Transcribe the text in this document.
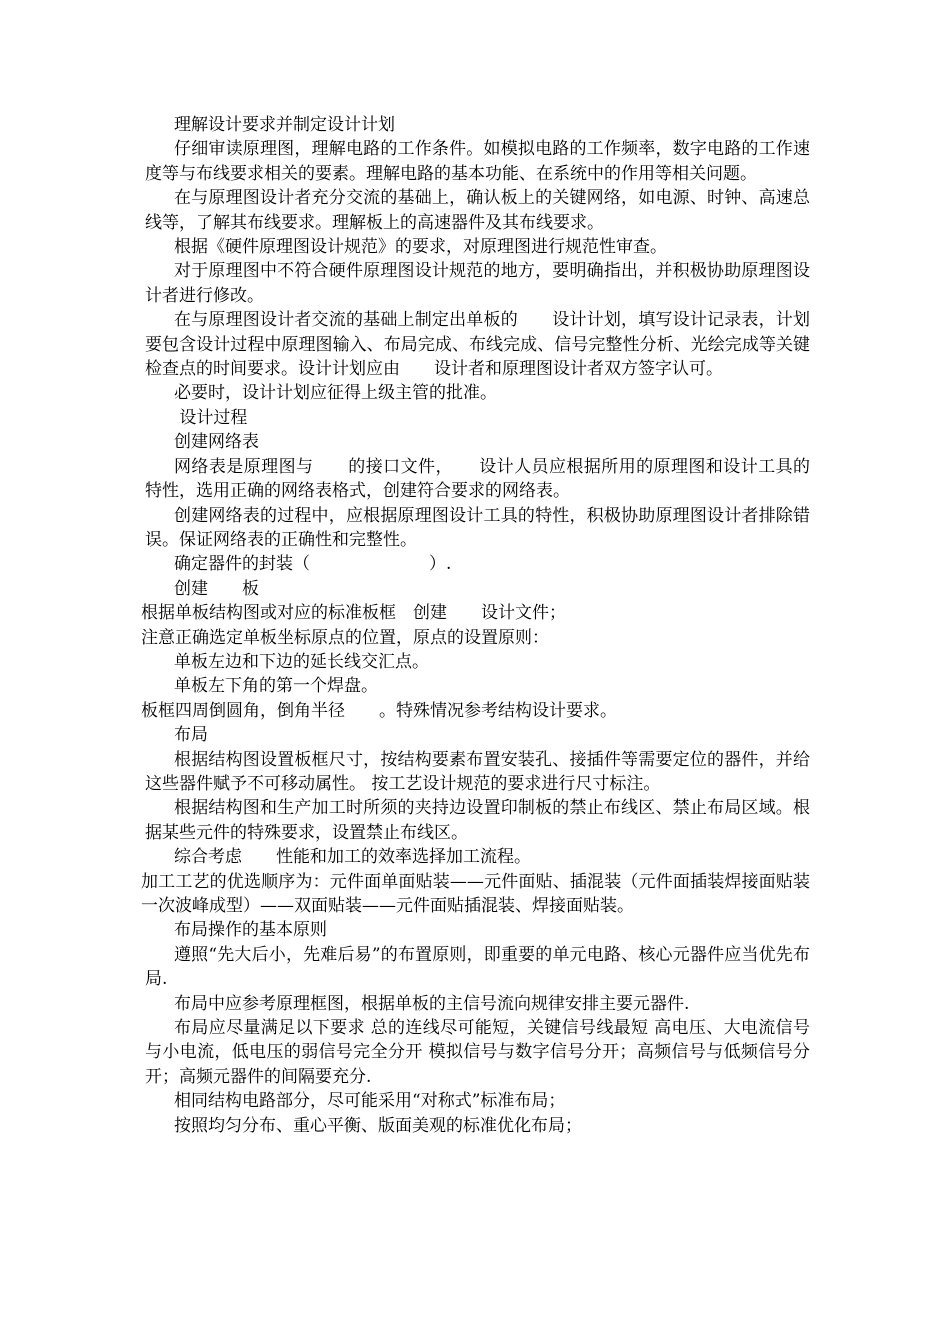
理解设计要求并制定设计计划

仔细审读原理图，理解电路的工作条件。如模拟电路的工作频率，数字电路的工作速度等与布线要求相关的要素。理解电路的基本功能、在系统中的作用等相关问题。

在与原理图设计者充分交流的基础上，确认板上的关键网络，如电源、时钟、高速总线等，了解其布线要求。理解板上的高速器件及其布线要求。

根据《硬件原理图设计规范》的要求，对原理图进行规范性审查。

对于原理图中不符合硬件原理图设计规范的地方，要明确指出，并积极协助原理图设计者进行修改。

在与原理图设计者交流的基础上制定出单板的　　设计计划，填写设计记录表，计划要包含设计过程中原理图输入、布局完成、布线完成、信号完整性分析、光绘完成等关键检查点的时间要求。设计计划应由　　设计者和原理图设计者双方签字认可。

必要时，设计计划应征得上级主管的批准。

设计过程

创建网络表

网络表是原理图与　　的接口文件，　　设计人员应根据所用的原理图和设计工具的特性，选用正确的网络表格式，创建符合要求的网络表。

创建网络表的过程中，应根据原理图设计工具的特性，积极协助原理图设计者排除错误。保证网络表的正确性和完整性。

确定器件的封装（　　　　　　　）.

创建　　板

根据单板结构图或对应的标准板框　创建　　设计文件；

注意正确选定单板坐标原点的位置，原点的设置原则：

单板左边和下边的延长线交汇点。

单板左下角的第一个焊盘。

板框四周倒圆角，倒角半径　　。特殊情况参考结构设计要求。

布局

根据结构图设置板框尺寸，按结构要素布置安装孔、接插件等需要定位的器件，并给这些器件赋予不可移动属性。 按工艺设计规范的要求进行尺寸标注。

根据结构图和生产加工时所须的夹持边设置印制板的禁止布线区、禁止布局区域。根据某些元件的特殊要求，设置禁止布线区。

综合考虑　　性能和加工的效率选择加工流程。

加工工艺的优选顺序为：元件面单面贴装——元件面贴、插混装（元件面插装焊接面贴装一次波峰成型）——双面贴装——元件面贴插混装、焊接面贴装。

布局操作的基本原则

遵照“先大后小，先难后易”的布置原则，即重要的单元电路、核心元器件应当优先布局.

布局中应参考原理框图，根据单板的主信号流向规律安排主要元器件.

布局应尽量满足以下要求 总的连线尽可能短，关键信号线最短 高电压、大电流信号与小电流，低电压的弱信号完全分开 模拟信号与数字信号分开；高频信号与低频信号分开；高频元器件的间隔要充分.

相同结构电路部分，尽可能采用“对称式”标准布局；

按照均匀分布、重心平衡、版面美观的标准优化布局；
